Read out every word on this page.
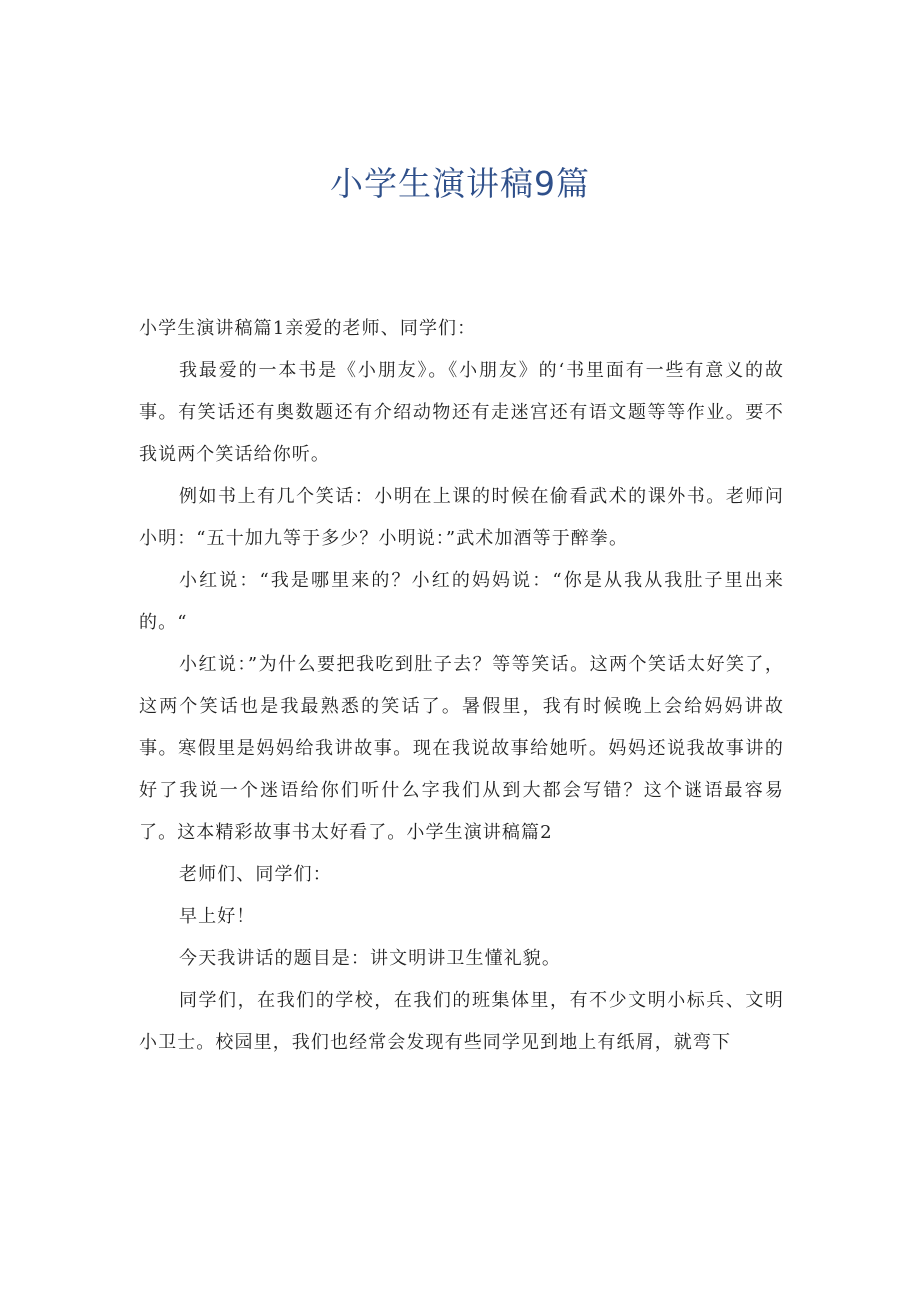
小学生演讲稿9篇

小学生演讲稿篇1亲爱的老师、同学们：

我最爱的一本书是《小朋友》。《小朋友》的‘书里面有一些有意义的故事。有笑话还有奥数题还有介绍动物还有走迷宫还有语文题等等作业。要不我说两个笑话给你听。

例如书上有几个笑话：小明在上课的时候在偷看武术的课外书。老师问小明：“五十加九等于多少？小明说：”武术加酒等于醉拳。

小红说：“我是哪里来的？小红的妈妈说：“你是从我从我肚子里出来的。“

小红说：”为什么要把我吃到肚子去？等等笑话。这两个笑话太好笑了，这两个笑话也是我最熟悉的笑话了。暑假里，我有时候晚上会给妈妈讲故事。寒假里是妈妈给我讲故事。现在我说故事给她听。妈妈还说我故事讲的好了我说一个迷语给你们听什么字我们从到大都会写错？这个谜语最容易了。这本精彩故事书太好看了。小学生演讲稿篇2

老师们、同学们：

早上好！

今天我讲话的题目是：讲文明讲卫生懂礼貌。

同学们，在我们的学校，在我们的班集体里，有不少文明小标兵、文明小卫士。校园里，我们也经常会发现有些同学见到地上有纸屑，就弯下
